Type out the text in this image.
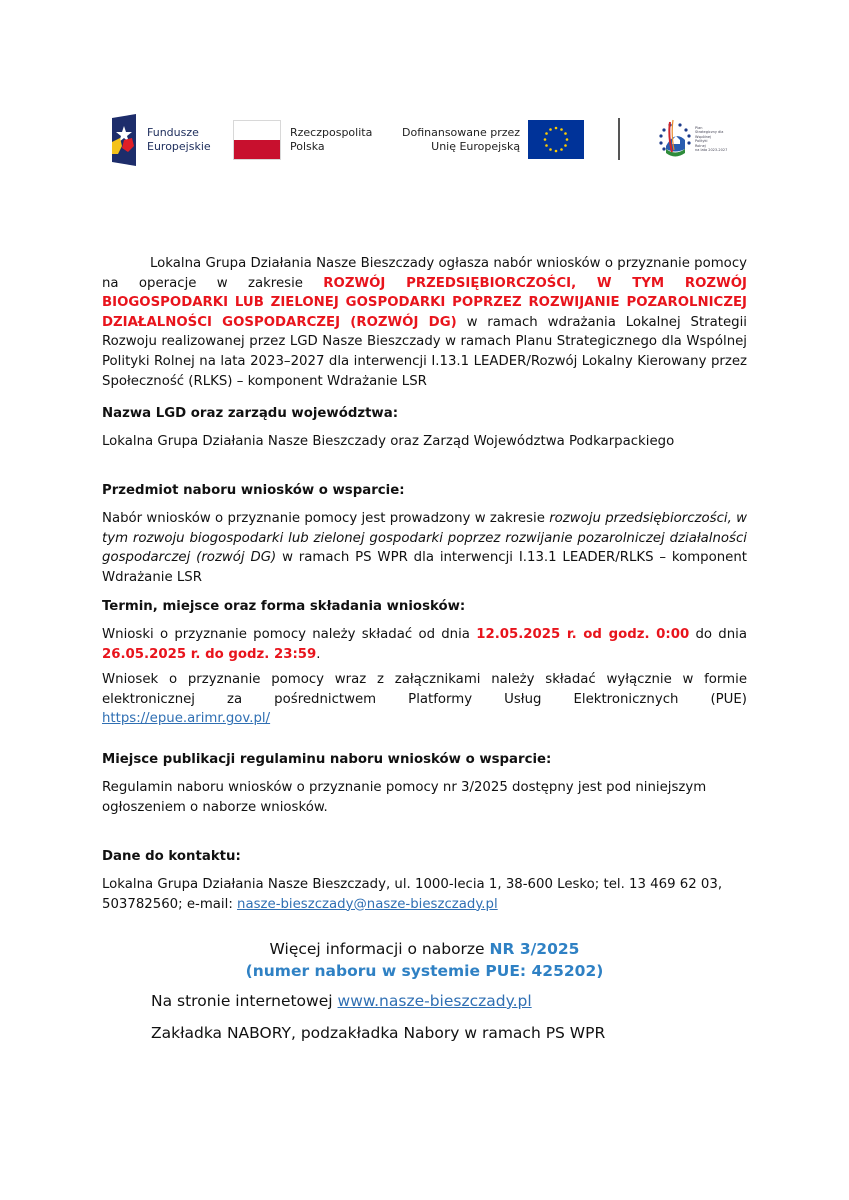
Fundusze
Europejskie
Rzeczpospolita
Polska
Dofinansowane przez
Unię Europejską
Plan
Strategiczny dla
Wspólnej
Polityki
Rolnej
na lata 2023-2027

Lokalna Grupa Działania Nasze Bieszczady ogłasza nabór wniosków o przyznanie pomocy na operacje w zakresie ROZWÓJ PRZEDSIĘBIORCZOŚCI, W TYM ROZWÓJ BIOGOSPODARKI LUB ZIELONEJ GOSPODARKI POPRZEZ ROZWIJANIE POZAROLNICZEJ DZIAŁALNOŚCI GOSPODARCZEJ (ROZWÓJ DG) w ramach wdrażania Lokalnej Strategii Rozwoju realizowanej przez LGD Nasze Bieszczady w ramach Planu Strategicznego dla Wspólnej Polityki Rolnej na lata 2023–2027 dla interwencji I.13.1 LEADER/Rozwój Lokalny Kierowany przez Społeczność (RLKS) – komponent Wdrażanie LSR

Nazwa LGD oraz zarządu województwa:
Lokalna Grupa Działania Nasze Bieszczady oraz Zarząd Województwa Podkarpackiego
Przedmiot naboru wniosków o wsparcie:

Nabór wniosków o przyznanie pomocy jest prowadzony w zakresie rozwoju przedsiębiorczości, w tym rozwoju biogospodarki lub zielonej gospodarki poprzez rozwijanie pozarolniczej działalności gospodarczej (rozwój DG) w ramach PS WPR dla interwencji I.13.1 LEADER/RLKS – komponent Wdrażanie LSR

Termin, miejsce oraz forma składania wniosków:

Wnioski o przyznanie pomocy należy składać od dnia 12.05.2025 r. od godz. 0:00 do dnia 26.05.2025 r. do godz. 23:59.

Wniosek o przyznanie pomocy wraz z załącznikami należy składać wyłącznie w formie elektronicznej za pośrednictwem Platformy Usług Elektronicznych (PUE)
https://epue.arimr.gov.pl/

Miejsce publikacji regulaminu naboru wniosków o wsparcie:

Regulamin naboru wniosków o przyznanie pomocy nr 3/2025 dostępny jest pod niniejszym ogłoszeniem o naborze wniosków.

Dane do kontaktu:

Lokalna Grupa Działania Nasze Bieszczady, ul. 1000-lecia 1, 38-600 Lesko; tel. 13 469 62 03, 503782560; e-mail: nasze-bieszczady@nasze-bieszczady.pl

Więcej informacji o naborze NR 3/2025
(numer naboru w systemie PUE: 425202)
Na stronie internetowej www.nasze-bieszczady.pl
Zakładka NABORY, podzakładka Nabory w ramach PS WPR
